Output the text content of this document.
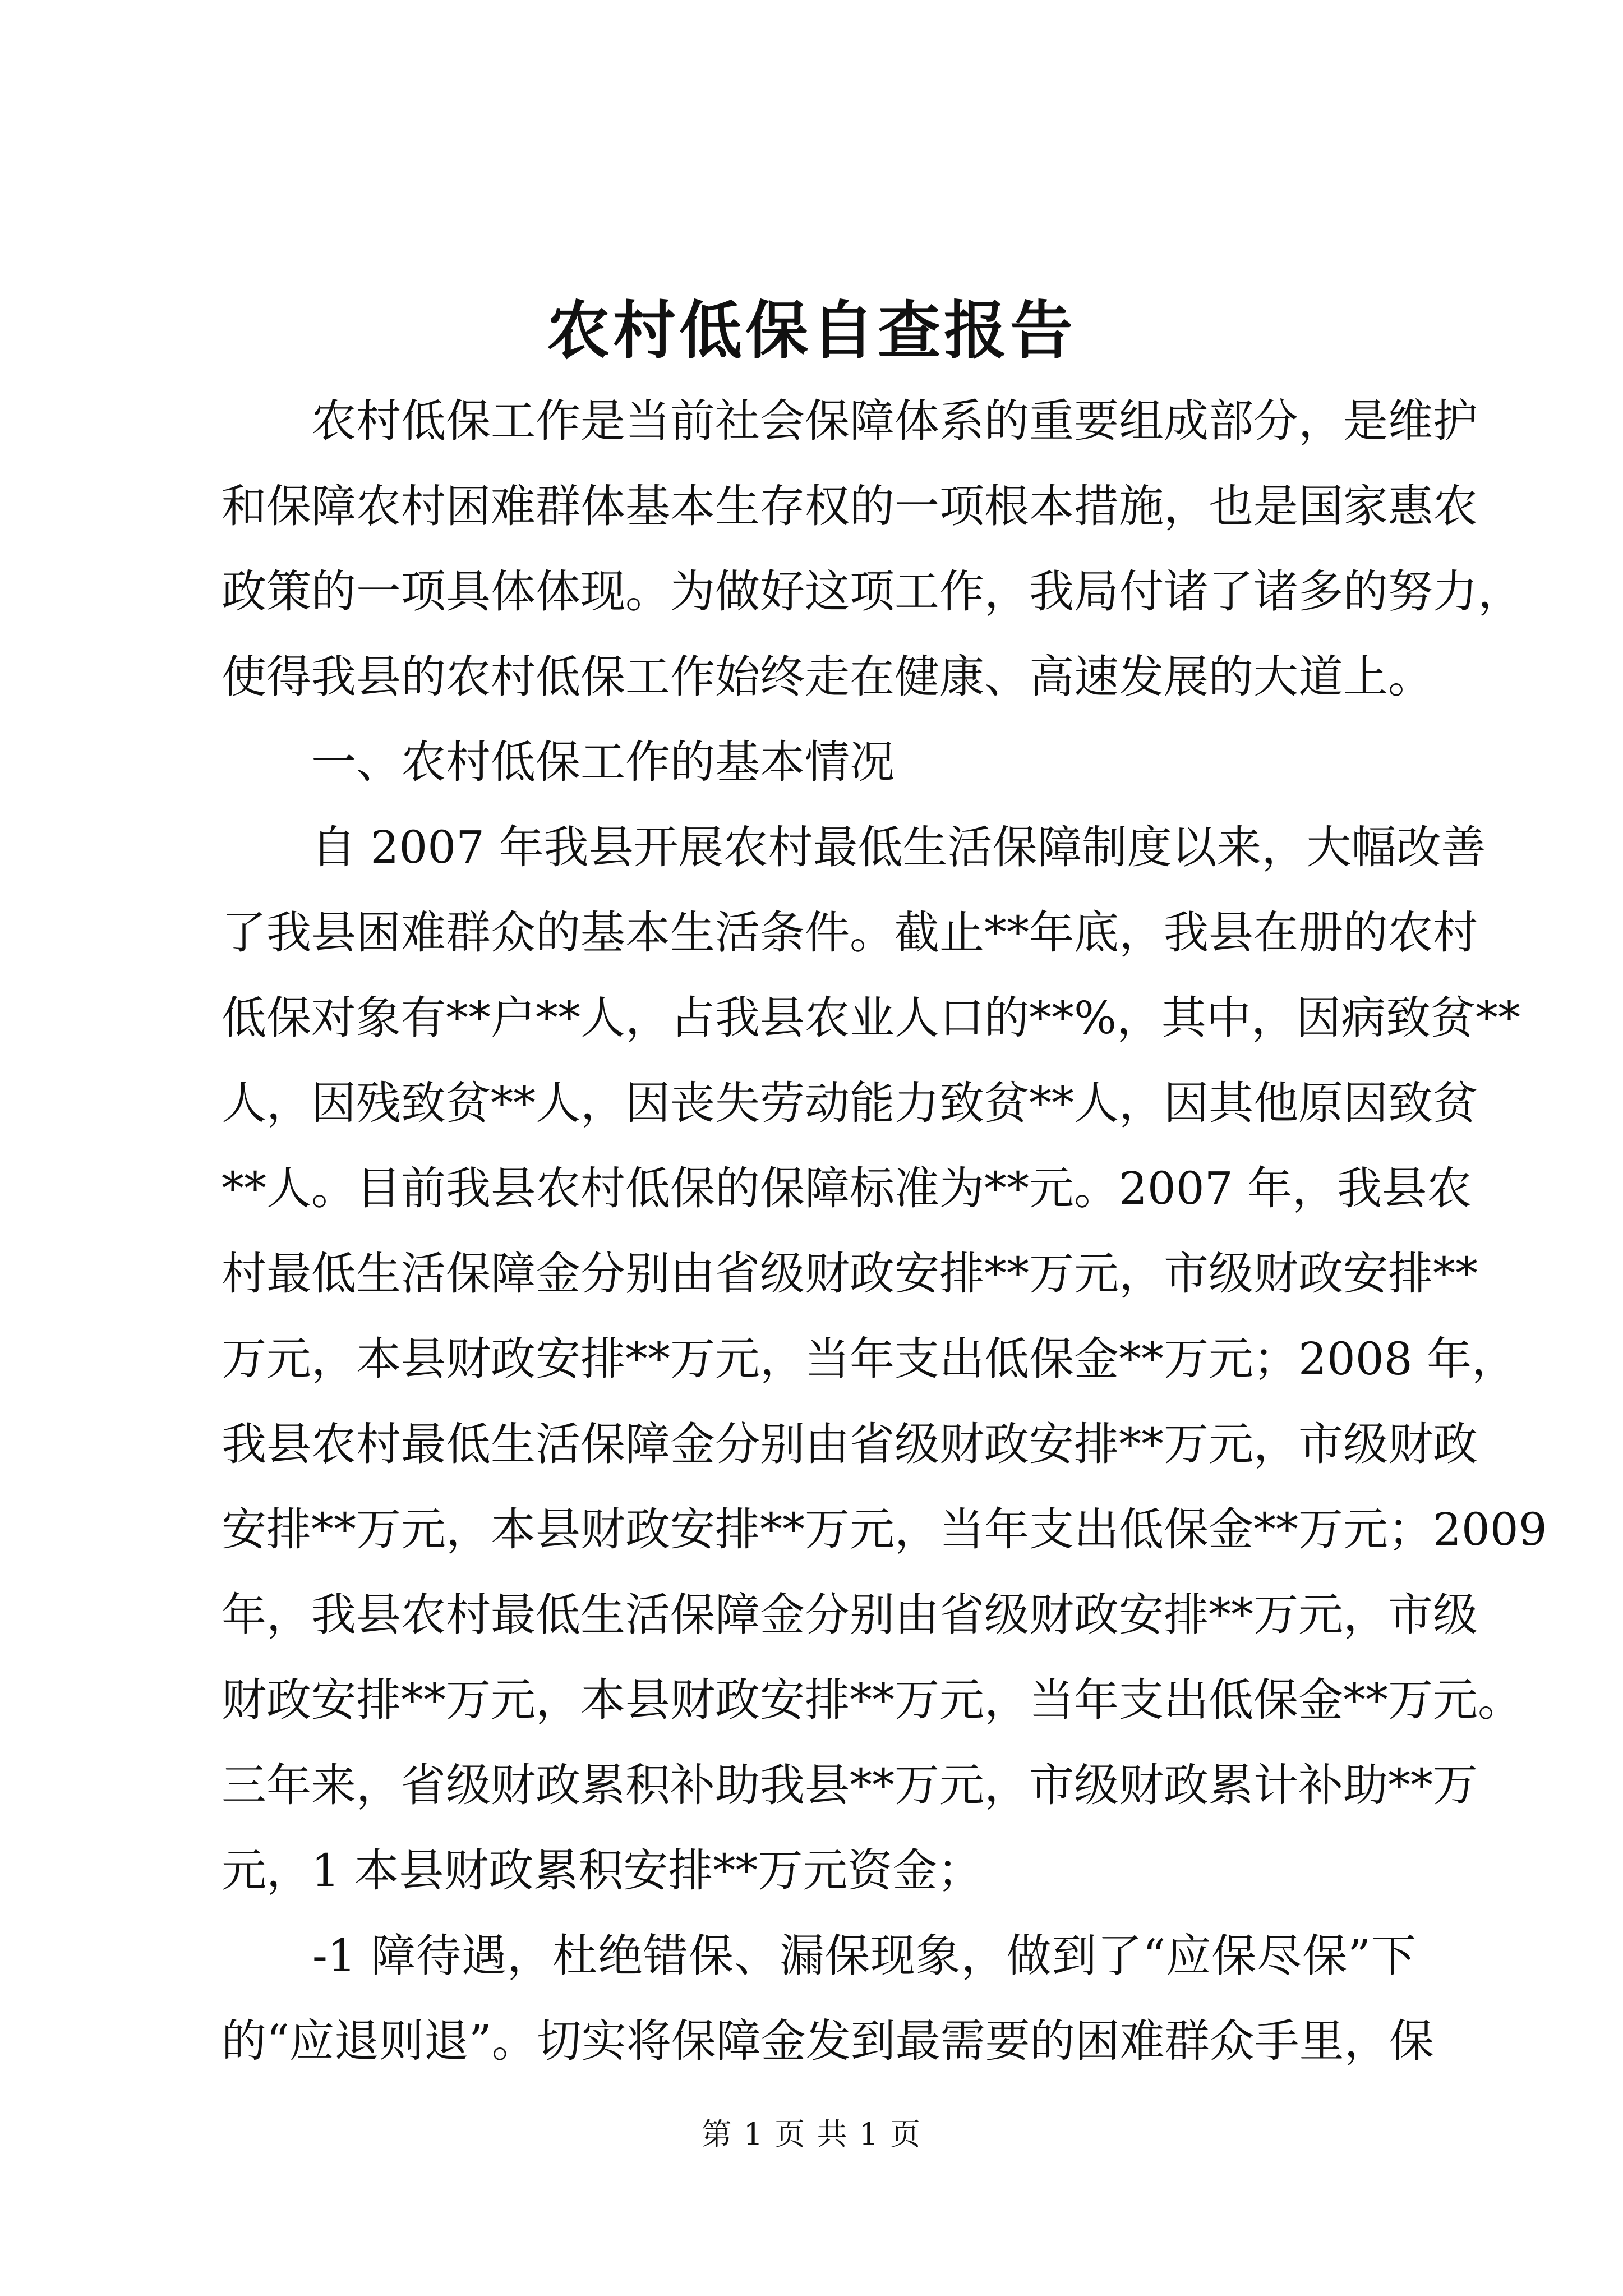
农村低保自查报告
　　农村低保工作是当前社会保障体系的重要组成部分，是维护
和保障农村困难群体基本生存权的一项根本措施，也是国家惠农
政策的一项具体体现。为做好这项工作，我局付诸了诸多的努力，
使得我县的农村低保工作始终走在健康、高速发展的大道上。
　　一、农村低保工作的基本情况
　　自 2007 年我县开展农村最低生活保障制度以来，大幅改善
了我县困难群众的基本生活条件。截止**年底，我县在册的农村
低保对象有**户**人，占我县农业人口的**%，其中，因病致贫**
人，因残致贫**人，因丧失劳动能力致贫**人，因其他原因致贫
**人。目前我县农村低保的保障标准为**元。2007 年，我县农
村最低生活保障金分别由省级财政安排**万元，市级财政安排**
万元，本县财政安排**万元，当年支出低保金**万元；2008 年，
我县农村最低生活保障金分别由省级财政安排**万元，市级财政
安排**万元，本县财政安排**万元，当年支出低保金**万元；2009
年，我县农村最低生活保障金分别由省级财政安排**万元，市级
财政安排**万元，本县财政安排**万元，当年支出低保金**万元。
三年来，省级财政累积补助我县**万元，市级财政累计补助**万
元，1 本县财政累积安排**万元资金；
　　-1 障待遇，杜绝错保、漏保现象，做到了“应保尽保”下
的“应退则退”。切实将保障金发到最需要的困难群众手里，保
第 1 页 共 1 页
